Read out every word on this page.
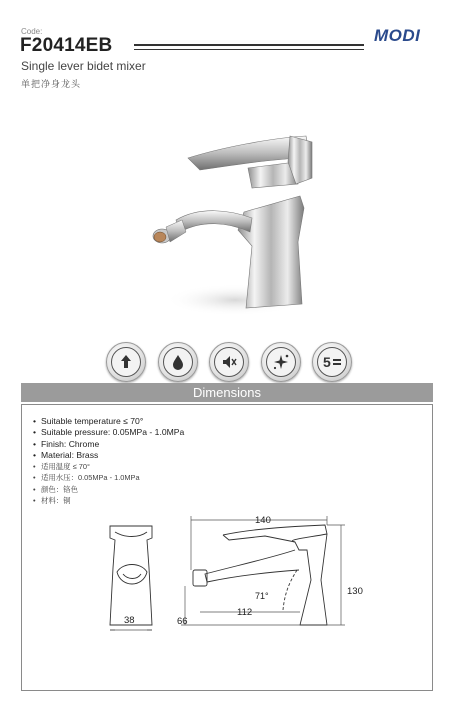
Code:
F20414EB	MODI
Single lever bidet mixer
单把净身龙头
5
Dimensions
• Suitable temperature ≤ 70°
• Suitable pressure: 0.05MPa - 1.0MPa
• Finish: Chrome
• Material: Brass
• 适用温度 ≤ 70°
• 适用水压：0.05MPa - 1.0MPa
• 颜色：铬色
• 材料：铜
140
130
66
112
71°
38
